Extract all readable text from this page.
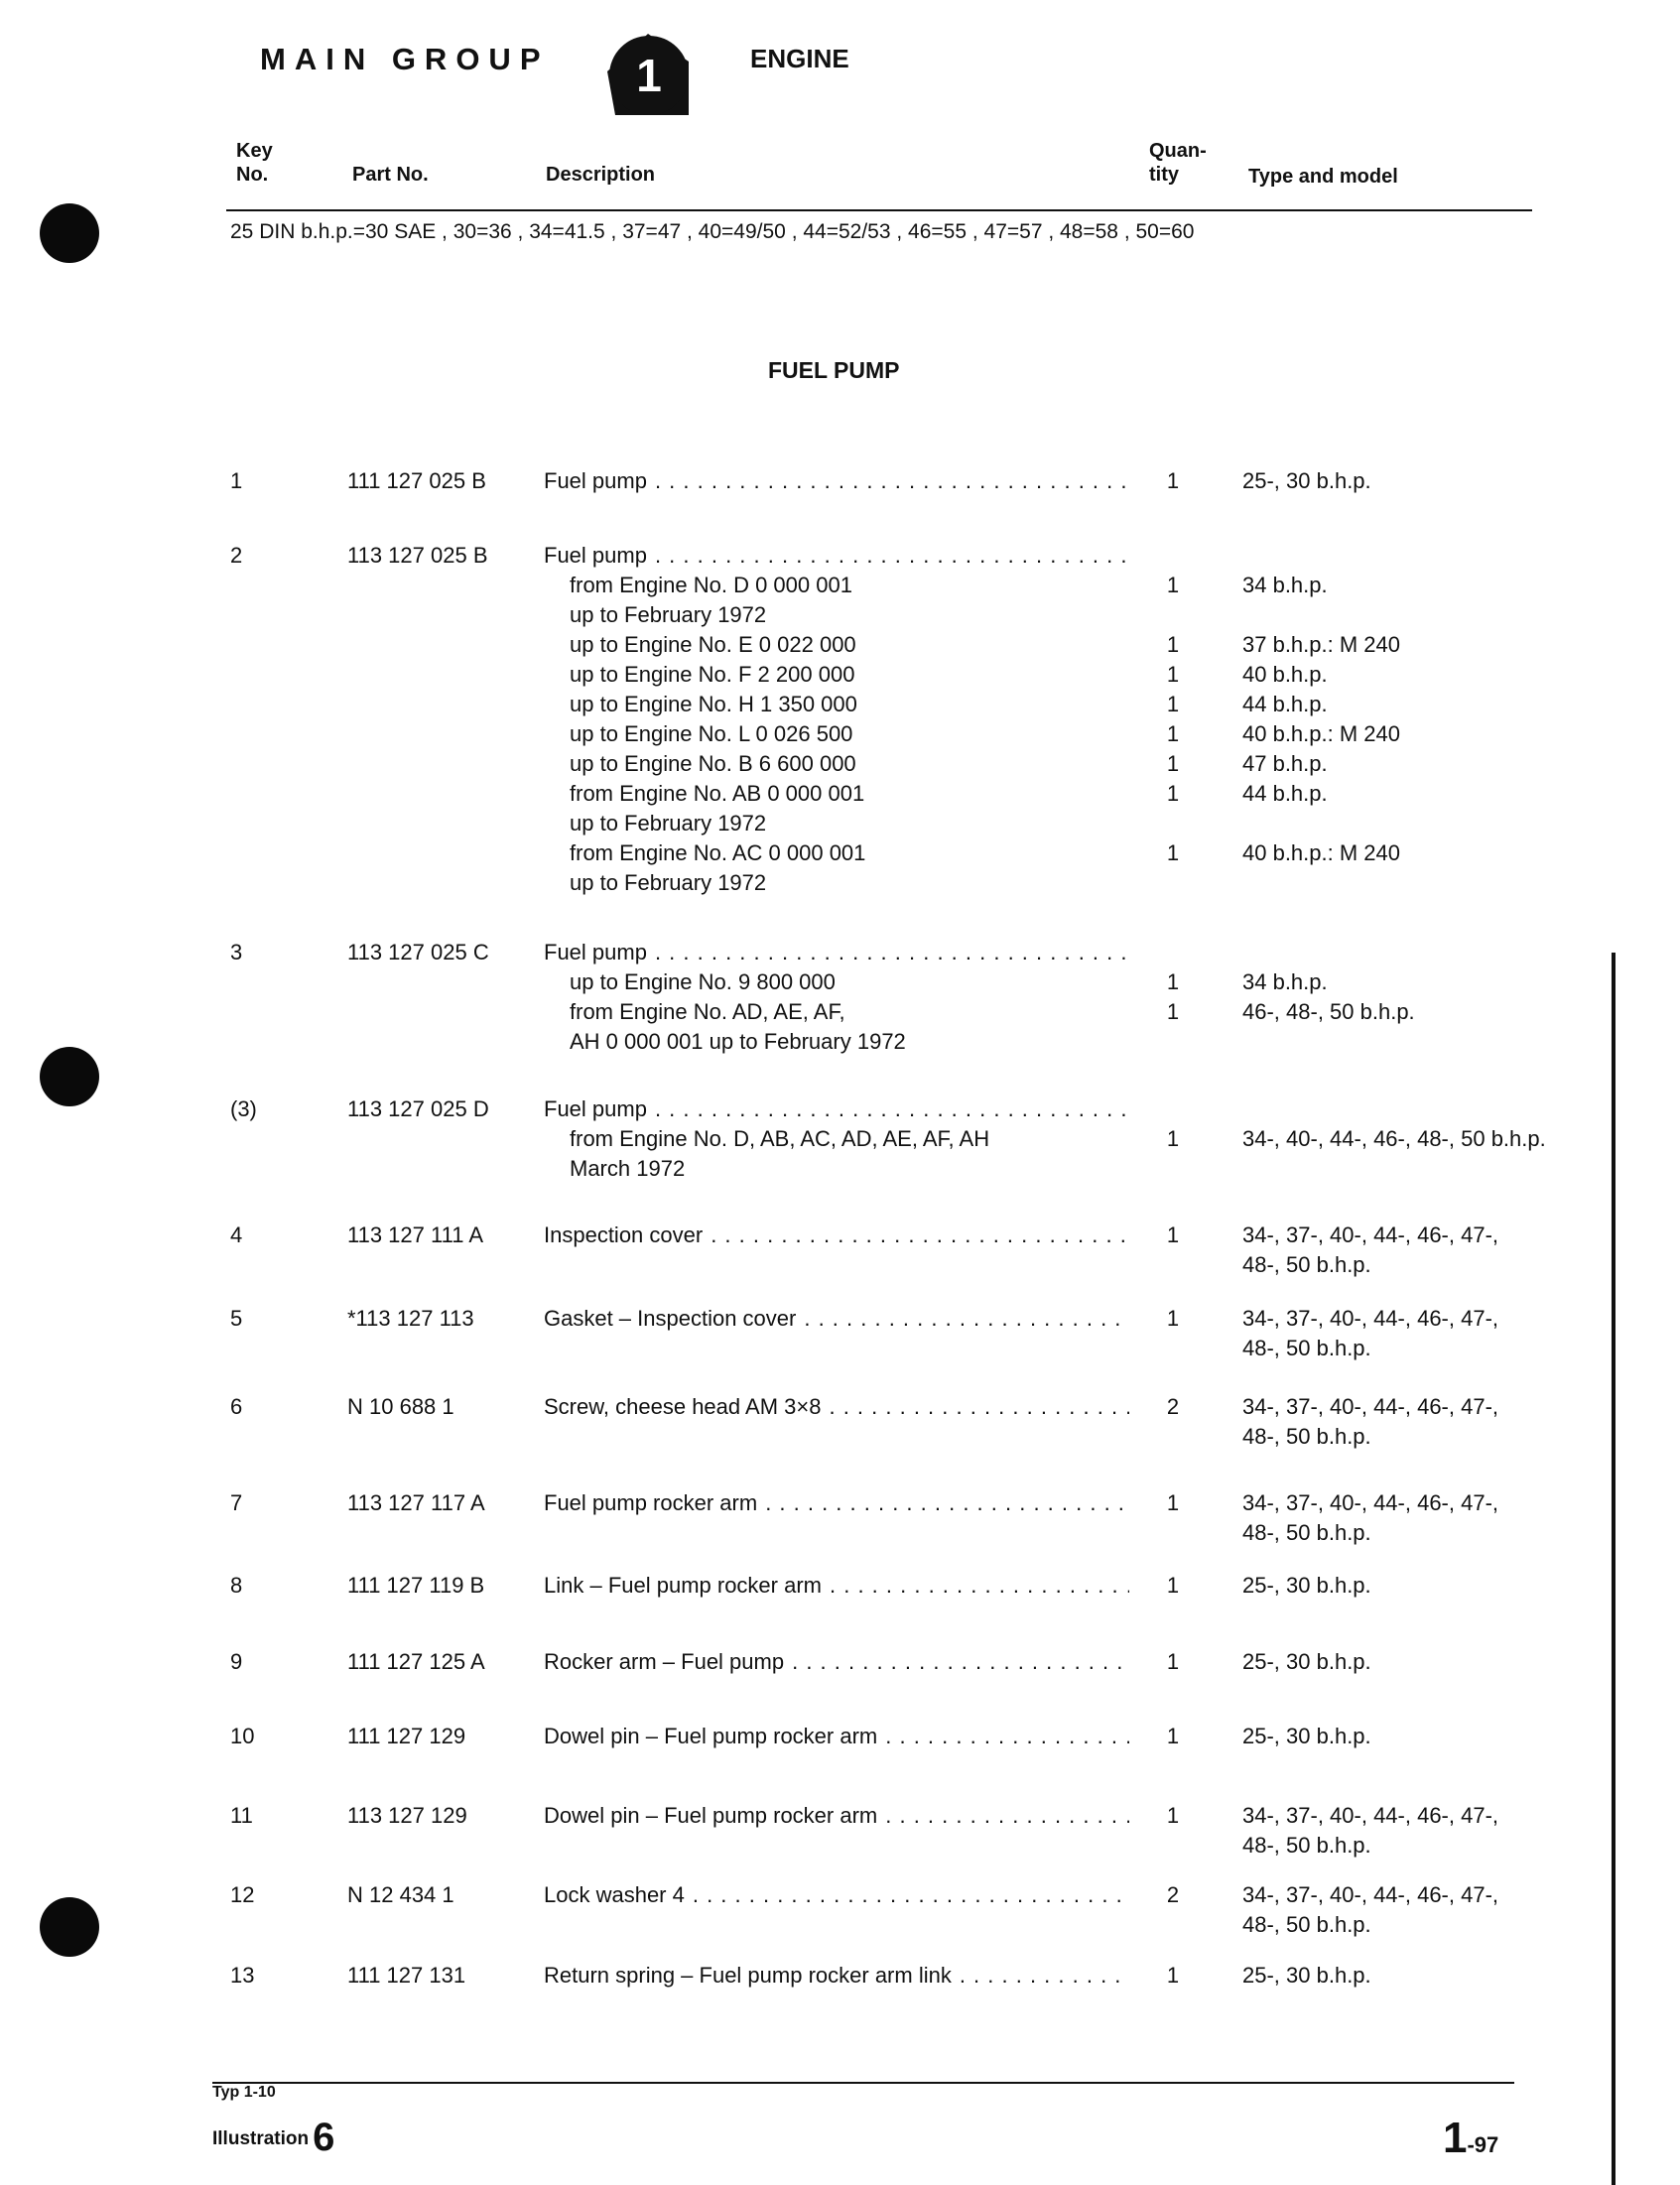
MAIN GROUP 1	ENGINE
Key
No.	Part No.	Description
Quan-
tity	Type and model
25 DIN b.h.p.=30 SAE , 30=36 , 34=41.5 , 37=47 , 40=49/50 , 44=52/53 , 46=55 , 47=57 , 48=58 , 50=60
FUEL PUMP
1	111 127 025 B	Fuel pump . . .	1	25-, 30 b.h.p.
2	113 127 025 B	Fuel pump
. . .
from Engine No. D 0 000 001	1	34 b.h.p.
up to February 1972
up to Engine No. E 0 022 000	1	37 b.h.p.: M 240
up to Engine No. F 2 200 000	1	40 b.h.p.
up to Engine No. H 1 350 000	1	44 b.h.p.
up to Engine No. L 0 026 500	1	40 b.h.p.: M 240
up to Engine No. B 6 600 000	1	47 b.h.p.
from Engine No. AB 0 000 001	1	44 b.h.p.
up to February 1972
from Engine No. AC 0 000 001	1	40 b.h.p.: M 240
up to February 1972
3	113 127 025 C	Fuel pump
. . .
up to Engine No. 9 800 000	1	34 b.h.p.
from Engine No. AD, AE, AF,	1	46-, 48-, 50 b.h.p.
AH 0 000 001 up to February 1972
(3)	113 127 025 D	Fuel pump
. . .
from Engine No. D, AB, AC, AD, AE, AF, AH	1	34-, 40-, 44-, 46-, 48-, 50 b.h.p.
March 1972
4	113 127 111 A	Inspection cover . . .	1	34-, 37-, 40-, 44-, 46-, 47-, 48-, 50 b.h.p.
5	*113 127 113	Gasket – Inspection cover . . .	1	34-, 37-, 40-, 44-, 46-, 47-, 48-, 50 b.h.p.
6	N 10 688 1	Screw, cheese head AM 3×8 . . .	2	34-, 37-, 40-, 44-, 46-, 47-, 48-, 50 b.h.p.
7	113 127 117 A	Fuel pump rocker arm . . .	1	34-, 37-, 40-, 44-, 46-, 47-, 48-, 50 b.h.p.
8	111 127 119 B	Link – Fuel pump rocker arm . . .	1	25-, 30 b.h.p.
9	111 127 125 A	Rocker arm – Fuel pump . . .	1	25-, 30 b.h.p.
10	111 127 129	Dowel pin – Fuel pump rocker arm . . .	1	25-, 30 b.h.p.
11	113 127 129	Dowel pin – Fuel pump rocker arm . . .	1	34-, 37-, 40-, 44-, 46-, 47-, 48-, 50 b.h.p.
12	N 12 434 1	Lock washer 4 . . .	2	34-, 37-, 40-, 44-, 46-, 47-, 48-, 50 b.h.p.
13	111 127 131	Return spring – Fuel pump rocker arm link . . .	1	25-, 30 b.h.p.
Typ 1-10
Illustration 6	1-97
